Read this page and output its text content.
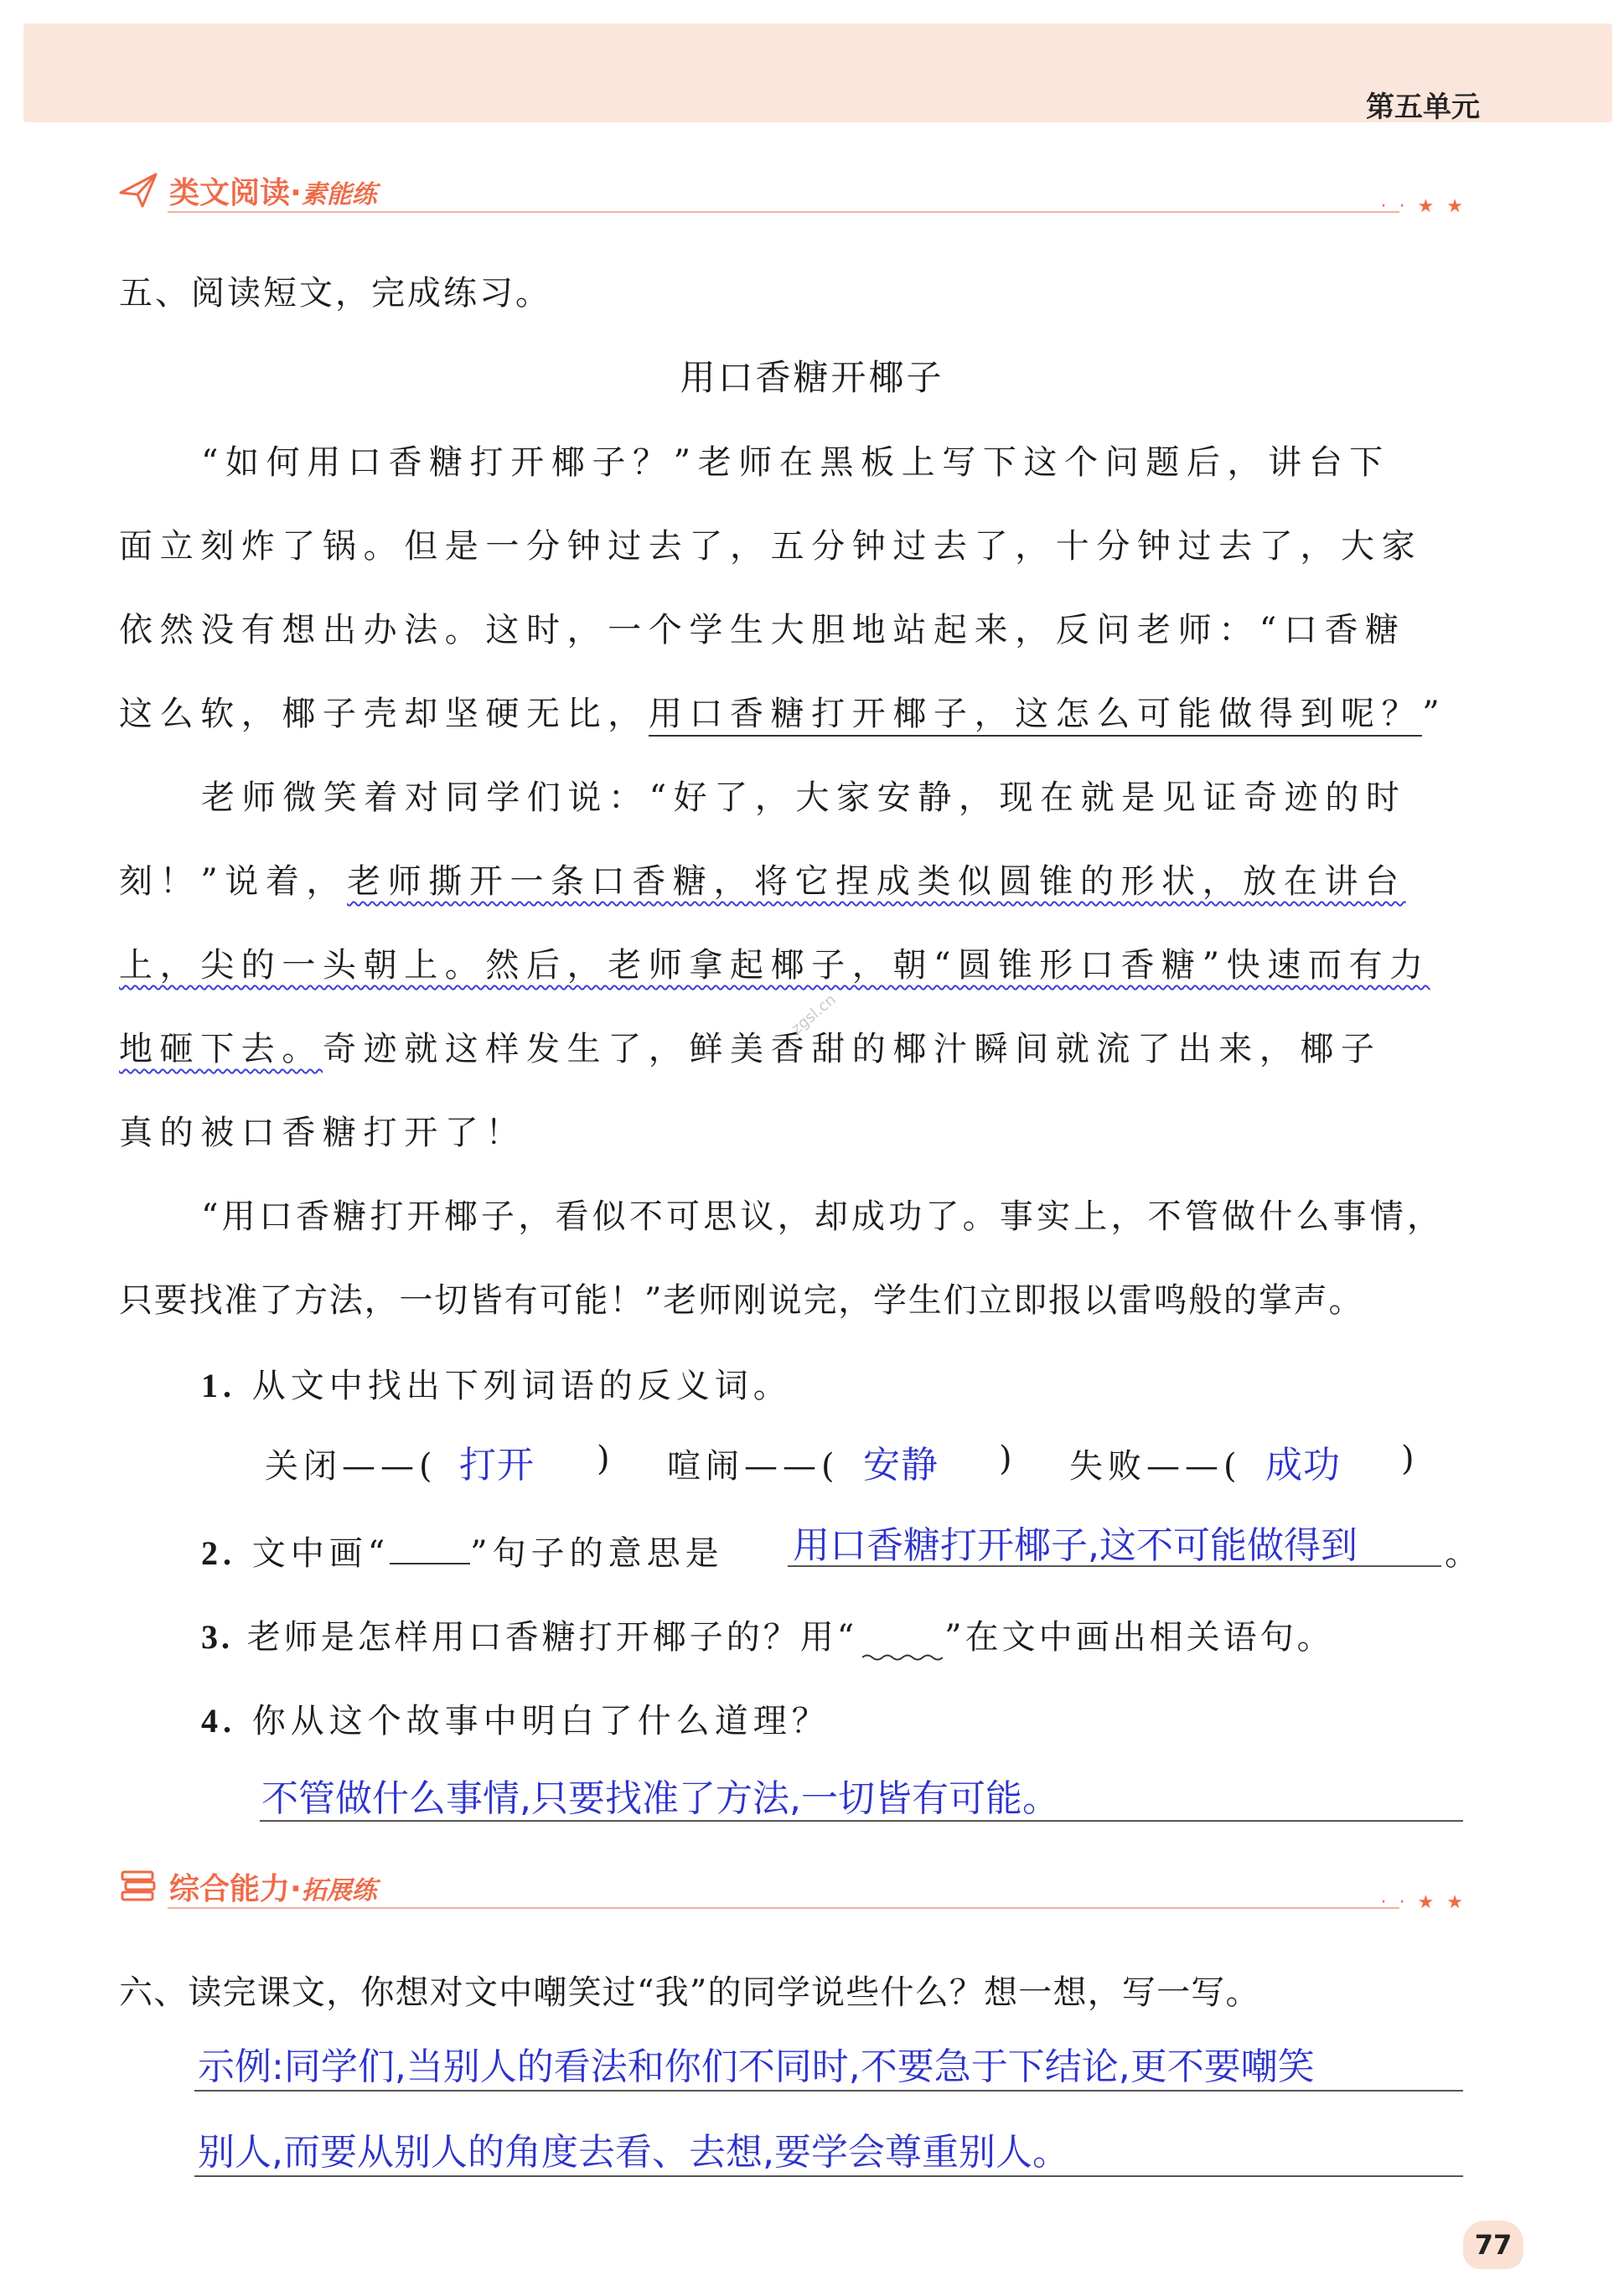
第五单元
类文阅读·素能练	· · ★ ★
五、阅读短文，完成练习。
用口香糖开椰子
“如何用口香糖打开椰子？”老师在黑板上写下这个问题后，讲台下
面立刻炸了锅。但是一分钟过去了，五分钟过去了，十分钟过去了，大家
依然没有想出办法。这时，一个学生大胆地站起来，反问老师：“口香糖
这么软，椰子壳却坚硬无比，用口香糖打开椰子，这怎么可能做得到呢？”
老师微笑着对同学们说：“好了，大家安静，现在就是见证奇迹的时
刻！”说着，老师撕开一条口香糖，将它捏成类似圆锥的形状，放在讲台
上，尖的一头朝上。然后，老师拿起椰子，朝“圆锥形口香糖”快速而有力
地砸下去。奇迹就这样发生了，鲜美香甜的椰汁瞬间就流了出来，椰子
zgsl.cn
真的被口香糖打开了！
“用口香糖打开椰子，看似不可思议，却成功了。事实上，不管做什么事情，
只要找准了方法，一切皆有可能！”老师刚说完，学生们立即报以雷鸣般的掌声。
1. 从文中找出下列词语的反义词。
关闭——( 打开 ) 喧闹——( 安静 ) 失败——( 成功 )
2. 文中画“ ”句子的意思是 用口香糖打开椰子,这不可能做得到	。
3. 老师是怎样用口香糖打开椰子的？用“	”在文中画出相关语句。
4. 你从这个故事中明白了什么道理？
不管做什么事情,只要找准了方法,一切皆有可能。
综合能力·拓展练	· · ★ ★
六、读完课文，你想对文中嘲笑过“我”的同学说些什么？想一想，写一写。
示例:同学们,当别人的看法和你们不同时,不要急于下结论,更不要嘲笑
别人,而要从别人的角度去看、去想,要学会尊重别人。
77
